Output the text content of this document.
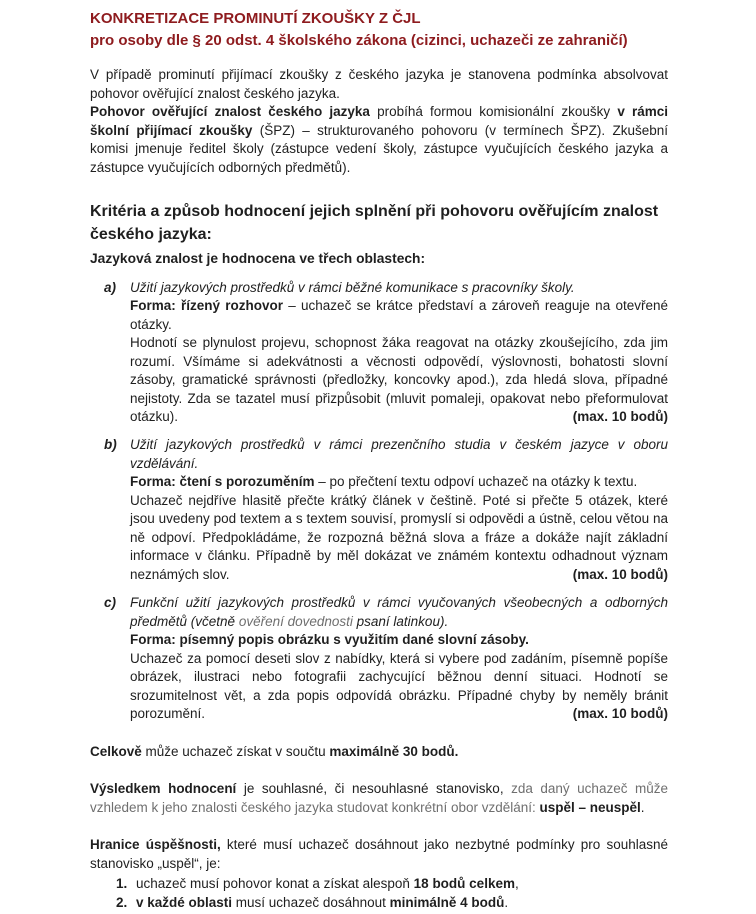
KONKRETIZACE PROMINUTÍ ZKOUŠKY Z ČJL
pro osoby dle § 20 odst. 4 školského zákona (cizinci, uchazeči ze zahraničí)

V případě prominutí přijímací zkoušky z českého jazyka je stanovena podmínka absolvovat pohovor ověřující znalost českého jazyka.

Pohovor ověřující znalost českého jazyka probíhá formou komisionální zkoušky v rámci školní přijímací zkoušky (ŠPZ) – strukturovaného pohovoru (v termínech ŠPZ). Zkušební komisi jmenuje ředitel školy (zástupce vedení školy, zástupce vyučujících českého jazyka a zástupce vyučujících odborných předmětů).

Kritéria a způsob hodnocení jejich splnění při pohovoru ověřujícím znalost českého jazyka:

Jazyková znalost je hodnocena ve třech oblastech:

a) Užití jazykových prostředků v rámci běžné komunikace s pracovníky školy.

Forma: řízený rozhovor – uchazeč se krátce představí a zároveň reaguje na otevřené otázky.

Hodnotí se plynulost projevu, schopnost žáka reagovat na otázky zkoušejícího, zda jim rozumí. Všímáme si adekvátnosti a věcnosti odpovědí, výslovnosti, bohatosti slovní zásoby, gramatické správnosti (předložky, koncovky apod.), zda hledá slova, případné nejistoty. Zda se tazatel musí přizpůsobit (mluvit pomaleji, opakovat nebo přeformulovat otázku).	(max. 10 bodů)

b) Užití jazykových prostředků v rámci prezenčního studia v českém jazyce v oboru vzdělávání.

Forma: čtení s porozuměním – po přečtení textu odpoví uchazeč na otázky k textu.

Uchazeč nejdříve hlasitě přečte krátký článek v češtině. Poté si přečte 5 otázek, které jsou uvedeny pod textem a s textem souvisí, promyslí si odpovědi a ústně, celou větou na ně odpoví. Předpokládáme, že rozpozná běžná slova a fráze a dokáže najít základní informace v článku. Případně by měl dokázat ve známém kontextu odhadnout význam neznámých slov.	(max. 10 bodů)

c) Funkční užití jazykových prostředků v rámci vyučovaných všeobecných a odborných předmětů (včetně ověření dovednosti psaní latinkou).

Forma: písemný popis obrázku s využitím dané slovní zásoby.

Uchazeč za pomocí deseti slov z nabídky, která si vybere pod zadáním, písemně popíše obrázek, ilustraci nebo fotografii zachycující běžnou denní situaci. Hodnotí se srozumitelnost vět, a zda popis odpovídá obrázku. Případné chyby by neměly bránit porozumění.	(max. 10 bodů)

Celkově může uchazeč získat v součtu maximálně 30 bodů.

Výsledkem hodnocení je souhlasné, či nesouhlasné stanovisko, zda daný uchazeč může vzhledem k jeho znalosti českého jazyka studovat konkrétní obor vzdělání: uspěl – neuspěl.

Hranice úspěšnosti, které musí uchazeč dosáhnout jako nezbytné podmínky pro souhlasné stanovisko „uspěl“, je:

1. uchazeč musí pohovor konat a získat alespoň 18 bodů celkem,
2. v každé oblasti musí uchazeč dosáhnout minimálně 4 bodů.
